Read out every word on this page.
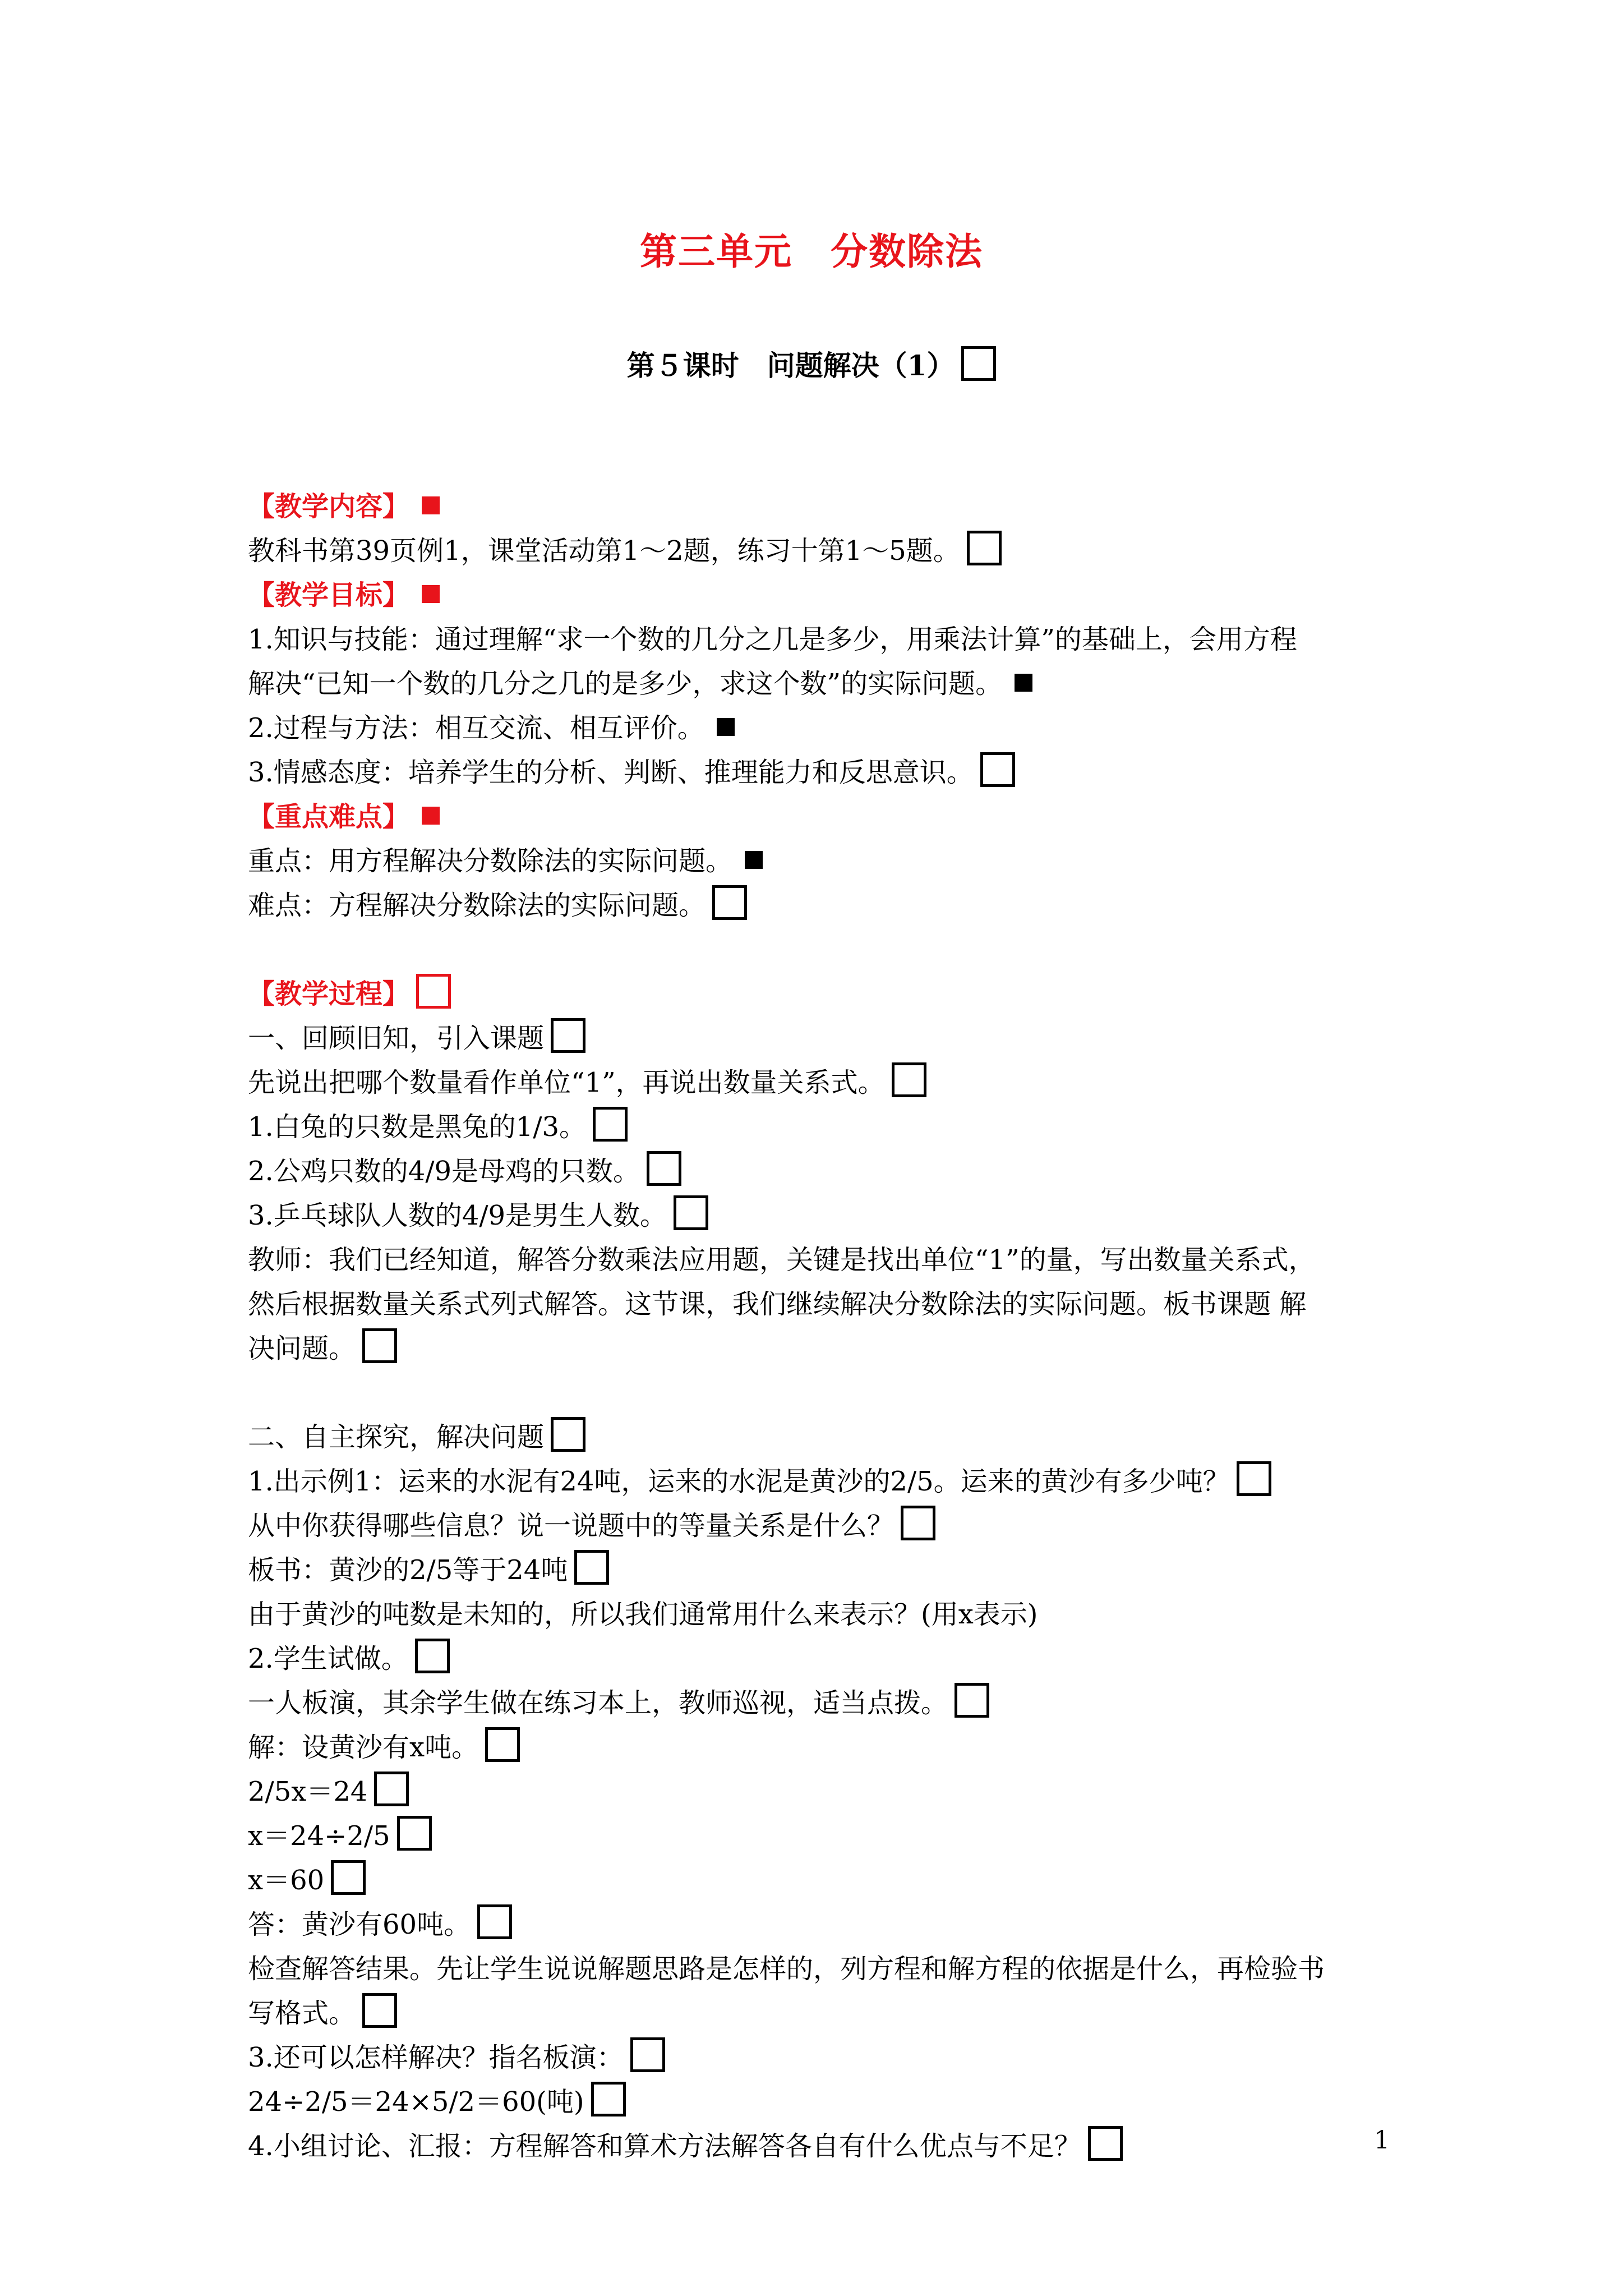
第三单元　分数除法
第５课时　问题解决（1）
【教学内容】
教科书第39页例1，课堂活动第1～2题，练习十第1～5题。
【教学目标】
1.知识与技能：通过理解“求一个数的几分之几是多少，用乘法计算”的基础上，会用方程
解决“已知一个数的几分之几的是多少，求这个数”的实际问题。
2.过程与方法：相互交流、相互评价。
3.情感态度：培养学生的分析、判断、推理能力和反思意识。
【重点难点】
重点：用方程解决分数除法的实际问题。
难点：方程解决分数除法的实际问题。
【教学过程】
一、回顾旧知，引入课题
先说出把哪个数量看作单位“1”，再说出数量关系式。
1.白兔的只数是黑兔的1/3。
2.公鸡只数的4/9是母鸡的只数。
3.乒乓球队人数的4/9是男生人数。
教师：我们已经知道，解答分数乘法应用题，关键是找出单位“1”的量，写出数量关系式，
然后根据数量关系式列式解答。这节课，我们继续解决分数除法的实际问题。板书课题 解
决问题。
二、自主探究，解决问题
1.出示例1：运来的水泥有24吨，运来的水泥是黄沙的2/5。运来的黄沙有多少吨？
从中你获得哪些信息？说一说题中的等量关系是什么？
板书：黄沙的2/5等于24吨
由于黄沙的吨数是未知的，所以我们通常用什么来表示？(用x表示)
2.学生试做。
一人板演，其余学生做在练习本上，教师巡视，适当点拨。
解：设黄沙有x吨。
2/5x＝24
x＝24÷2/5
x＝60
答：黄沙有60吨。
检查解答结果。先让学生说说解题思路是怎样的，列方程和解方程的依据是什么，再检验书
写格式。
3.还可以怎样解决？指名板演：
24÷2/5＝24×5/2＝60(吨)
4.小组讨论、汇报：方程解答和算术方法解答各自有什么优点与不足？	1
